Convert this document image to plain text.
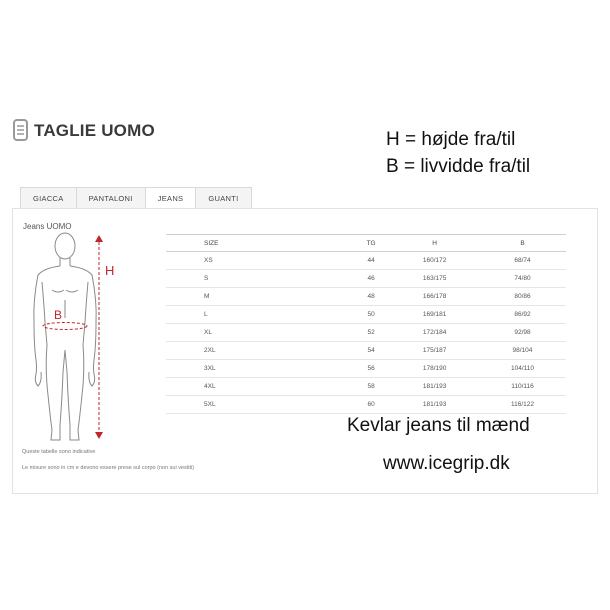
TAGLIE UOMO	H = højde fra/til
B = livvidde fra/til
GIACCA	PANTALONI	JEANS	GUANTI
Jeans UOMO
H
B
SIZE	TG	H	B
XS	44	160/172	68/74
S	46	163/175	74/80
M	48	166/178	80/86
L	50	169/181	86/92
XL	52	172/184	92/98
2XL	54	175/187	98/104
3XL	56	178/190	104/110
4XL	58	181/193	110/116
5XL	60	181/193	116/122
Queste tabelle sono indicative
Le misure sono in cm e devono essere prese sul corpo (non sui vestiti)
Kevlar jeans til mænd
www.icegrip.dk
